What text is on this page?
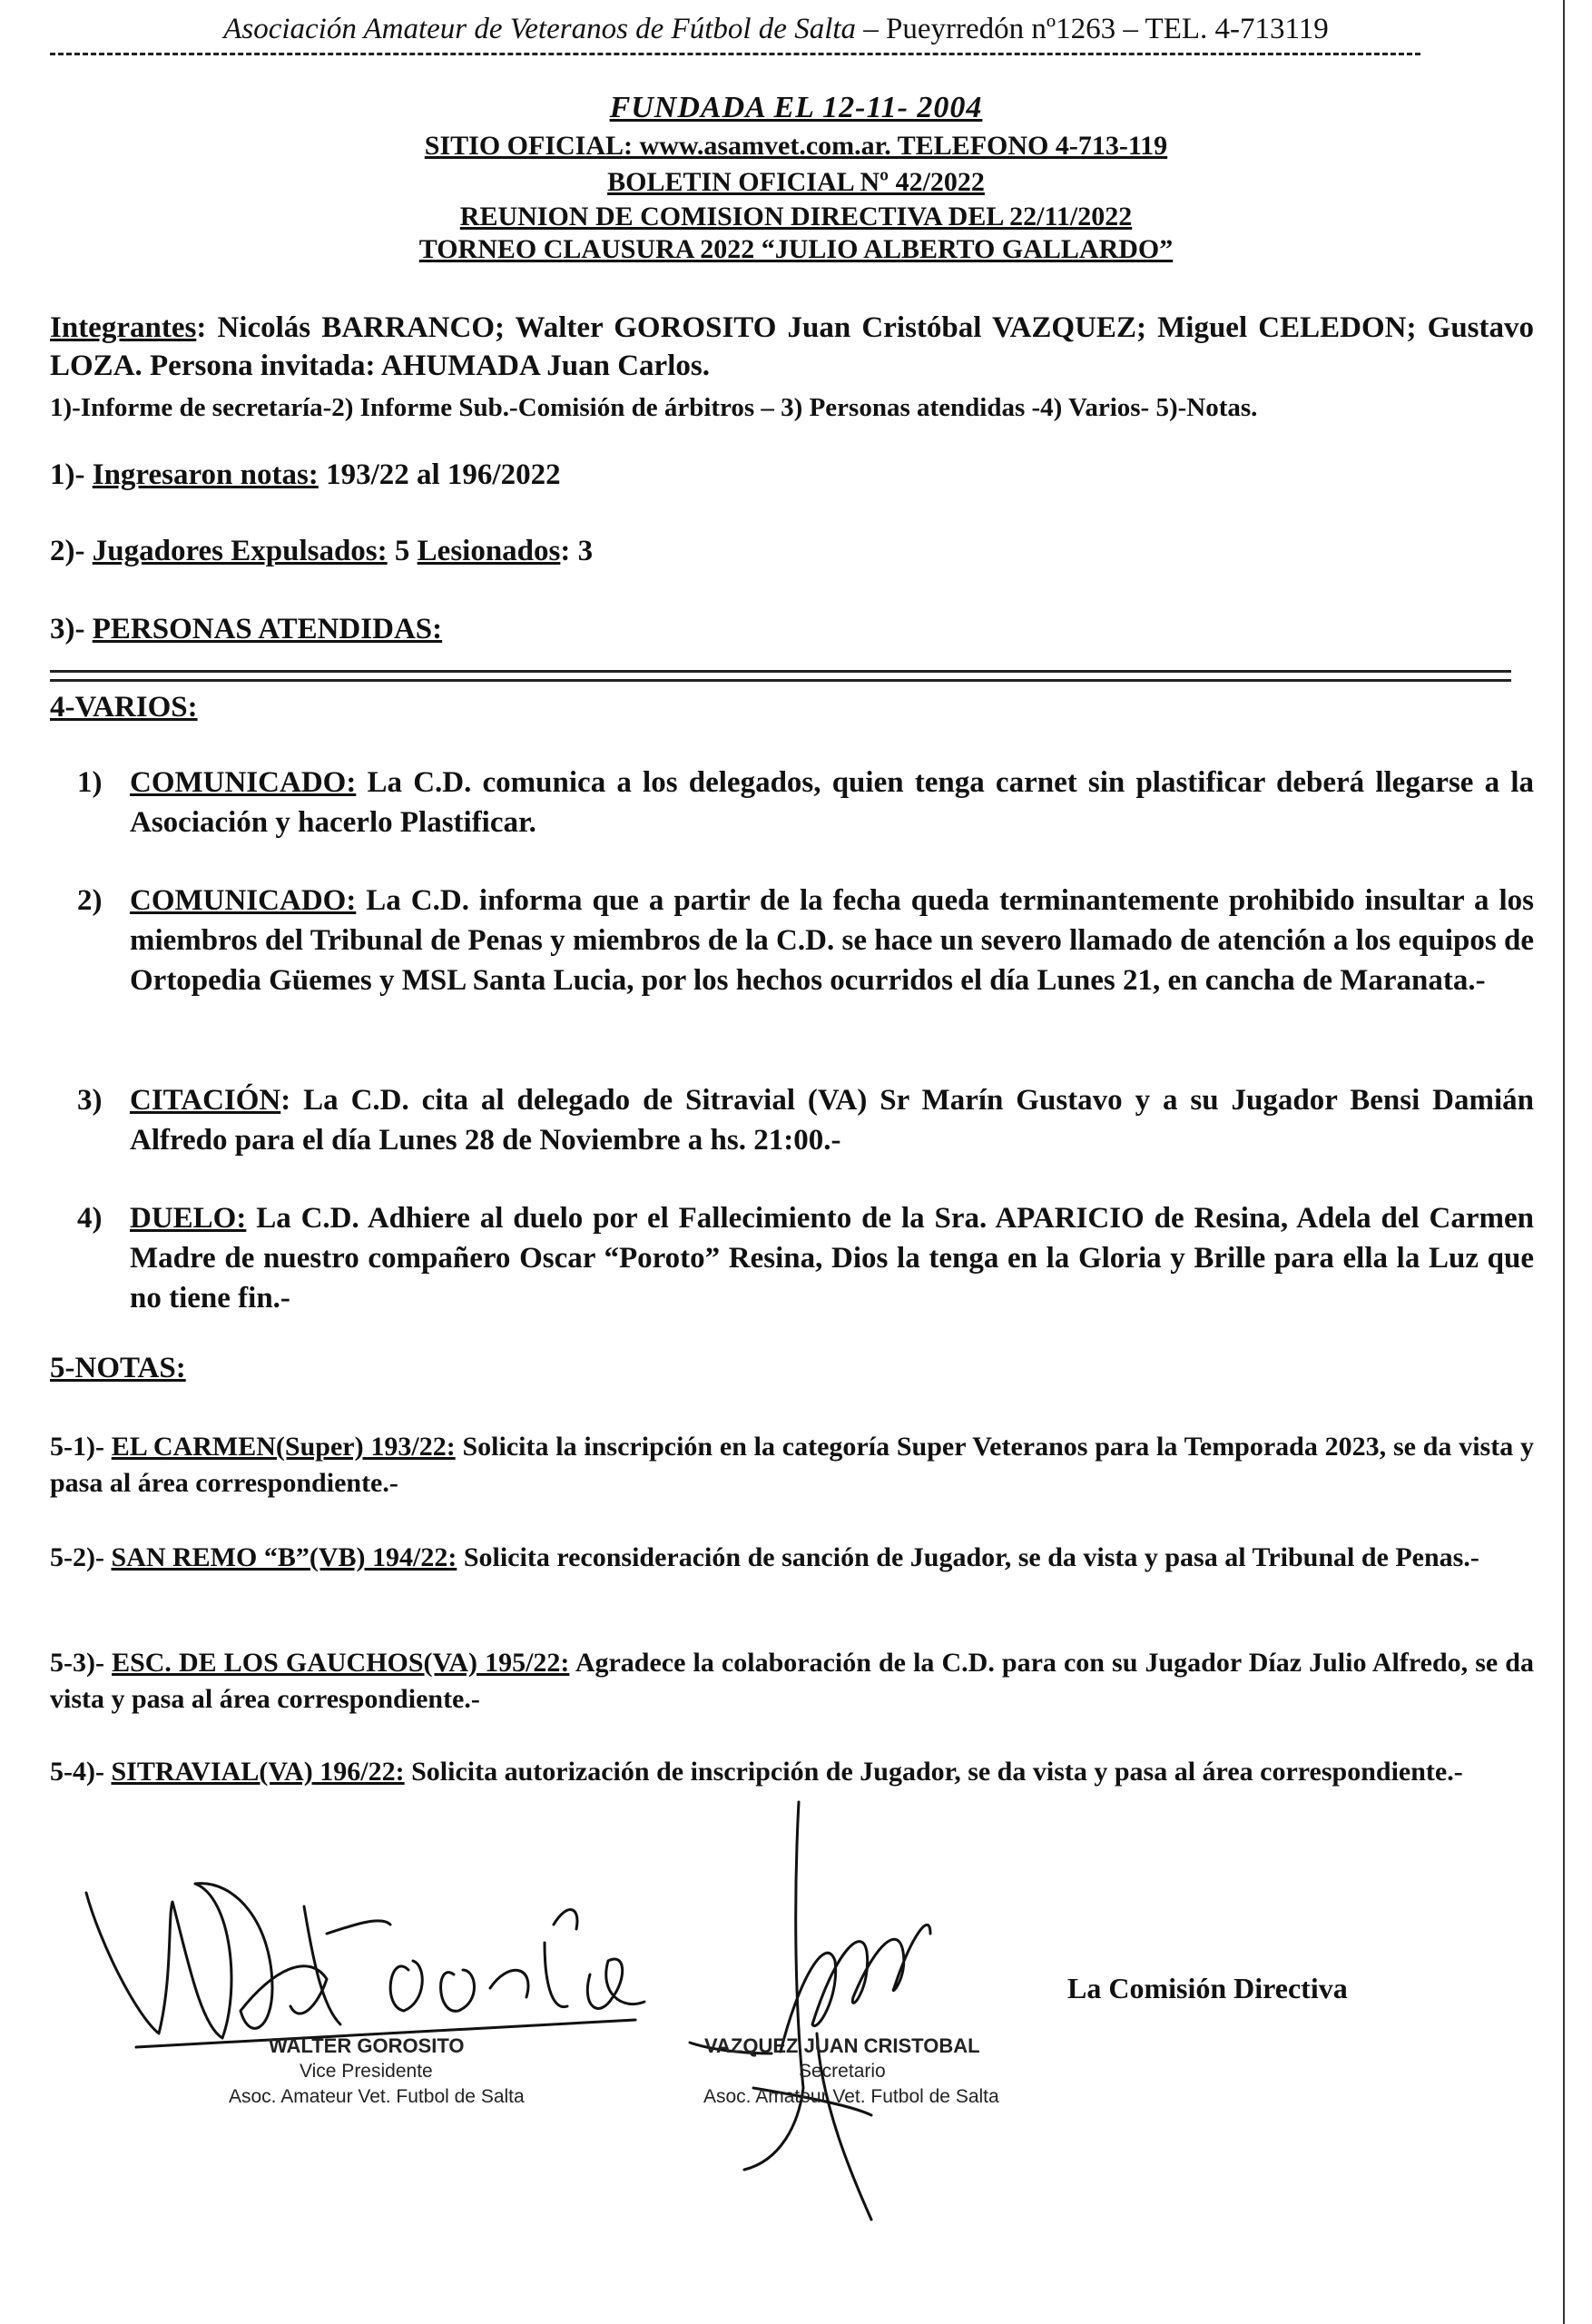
Asociación Amateur de Veteranos de Fútbol de Salta – Pueyrredón nº1263 – TEL. 4-713119
FUNDADA EL 12-11- 2004
SITIO OFICIAL: www.asamvet.com.ar. TELEFONO 4-713-119
BOLETIN OFICIAL Nº 42/2022
REUNION DE COMISION DIRECTIVA DEL 22/11/2022
TORNEO CLAUSURA 2022 “JULIO ALBERTO GALLARDO”
Integrantes: Nicolás BARRANCO; Walter GOROSITO Juan Cristóbal VAZQUEZ; Miguel CELEDON; Gustavo LOZA. Persona invitada: AHUMADA Juan Carlos.
1)-Informe de secretaría-2) Informe Sub.-Comisión de árbitros – 3) Personas atendidas -4) Varios- 5)-Notas.
1)- Ingresaron notas: 193/22 al 196/2022
2)- Jugadores Expulsados: 5 Lesionados: 3
3)- PERSONAS ATENDIDAS:
4-VARIOS:
1) COMUNICADO: La C.D. comunica a los delegados, quien tenga carnet sin plastificar deberá llegarse a la Asociación y hacerlo Plastificar.
2) COMUNICADO: La C.D. informa que a partir de la fecha queda terminantemente prohibido insultar a los miembros del Tribunal de Penas y miembros de la C.D. se hace un severo llamado de atención a los equipos de Ortopedia Güemes y MSL Santa Lucia, por los hechos ocurridos el día Lunes 21, en cancha de Maranata.-
3) CITACIÓN: La C.D. cita al delegado de Sitravial (VA) Sr Marín Gustavo y a su Jugador Bensi Damián Alfredo para el día Lunes 28 de Noviembre a hs. 21:00.-
4) DUELO: La C.D. Adhiere al duelo por el Fallecimiento de la Sra. APARICIO de Resina, Adela del Carmen Madre de nuestro compañero Oscar “Poroto” Resina, Dios la tenga en la Gloria y Brille para ella la Luz que no tiene fin.-
5-NOTAS:
5-1)- EL CARMEN(Super) 193/22: Solicita la inscripción en la categoría Super Veteranos para la Temporada 2023, se da vista y pasa al área correspondiente.-
5-2)- SAN REMO “B”(VB) 194/22: Solicita reconsideración de sanción de Jugador, se da vista y pasa al Tribunal de Penas.-
5-3)- ESC. DE LOS GAUCHOS(VA) 195/22: Agradece la colaboración de la C.D. para con su Jugador Díaz Julio Alfredo, se da vista y pasa al área correspondiente.-
5-4)- SITRAVIAL(VA) 196/22: Solicita autorización de inscripción de Jugador, se da vista y pasa al área correspondiente.-
WALTER GOROSITO
Vice Presidente
Asoc. Amateur Vet. Futbol de Salta
VAZQUEZ JUAN CRISTOBAL
Secretario
Asoc. Amateur Vet. Futbol de Salta
La Comisión Directiva
